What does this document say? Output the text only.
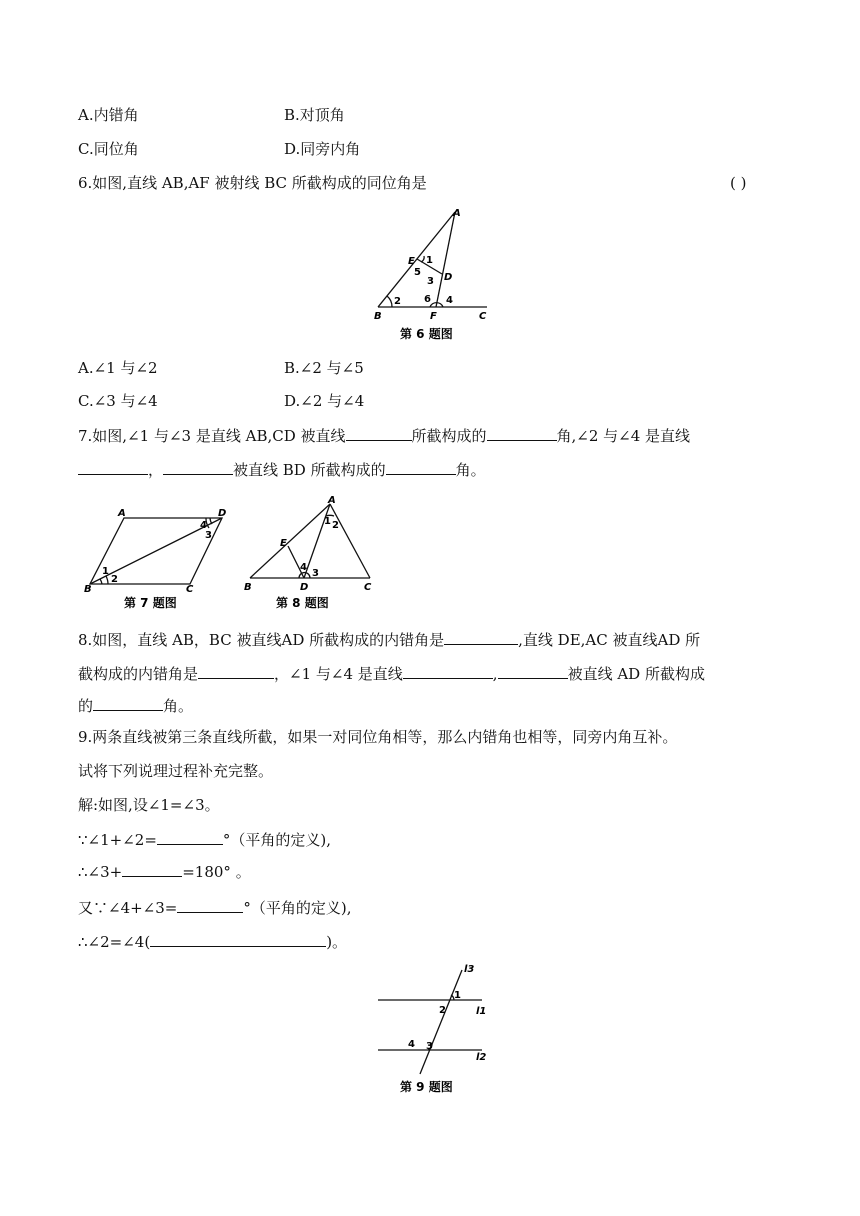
A.内错角	B.对顶角
C.同位角	D.同旁内角
6.如图,直线 AB,AF 被射线 BC 所截构成的同位角是	( )
A
E
D
B	F	C
1
5
3
2 6 4
第 6 题图
A.∠1 与∠2	B.∠2 与∠5
C.∠3 与∠4	D.∠2 与∠4
7.如图,∠1 与∠3 是直线 AB,CD 被直线	所截构成的	角,∠2 与∠4 是直线
，	被直线 BD 所截构成的	角。
A	D
B	C
4
3
1
2
第 7 题图
A
E
B	D	C
1 2
4
3
第 8 题图
8.如图，直线 AB，BC 被直线AD 所截构成的内错角是	,直线 DE,AC 被直线AD 所
截构成的内错角是	，∠1 与∠4 是直线	,	被直线 AD 所截构成
的	角。
9.两条直线被第三条直线所截，如果一对同位角相等，那么内错角也相等，同旁内角互补。
试将下列说理过程补充完整。
解:如图,设∠1=∠3。
∵∠1+∠2=	°（平角的定义),
∴∠3+	=180° 。
又∵∠4+∠3=	°（平角的定义),
∴∠2=∠4(	)。
l3
l1
l2
1
2
4 3
第 9 题图
